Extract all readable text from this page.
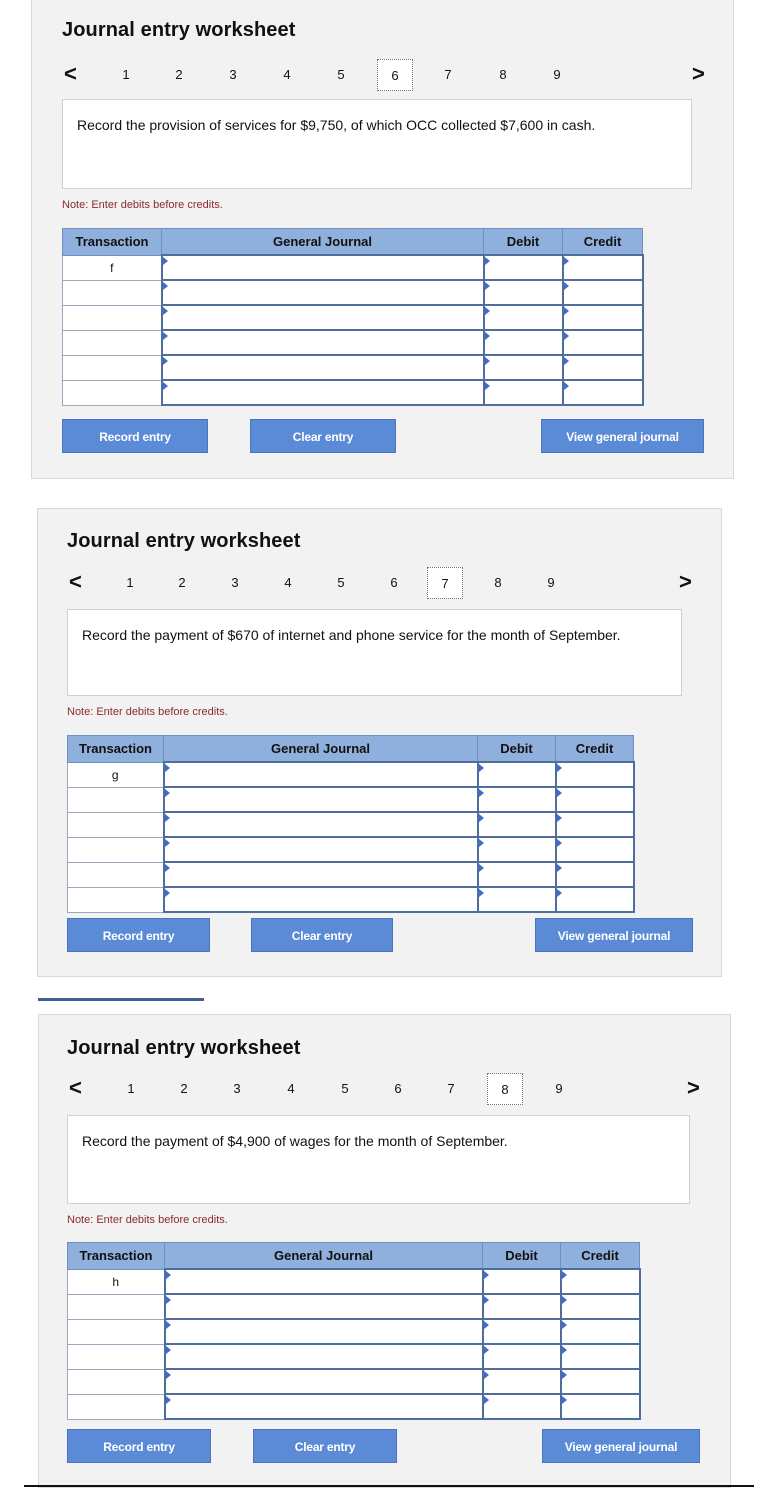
Journal entry worksheet
<	1	2	3	4	5	6	7	8	9	>
Record the provision of services for $9,750, of which OCC collected $7,600 in cash.
Note: Enter debits before credits.
Transaction	General Journal	Debit	Credit
f	

Record entry	Clear entry	View general journal
Journal entry worksheet
<	1	2	3	4	5	6	7	8	9	>
Record the payment of $670 of internet and phone service for the month of September.
Note: Enter debits before credits.
Transaction	General Journal	Debit	Credit
g	

Record entry	Clear entry	View general journal
Journal entry worksheet
<	1	2	3	4	5	6	7	8	9	>
Record the payment of $4,900 of wages for the month of September.
Note: Enter debits before credits.
Transaction	General Journal	Debit	Credit
h	

Record entry	Clear entry	View general journal
